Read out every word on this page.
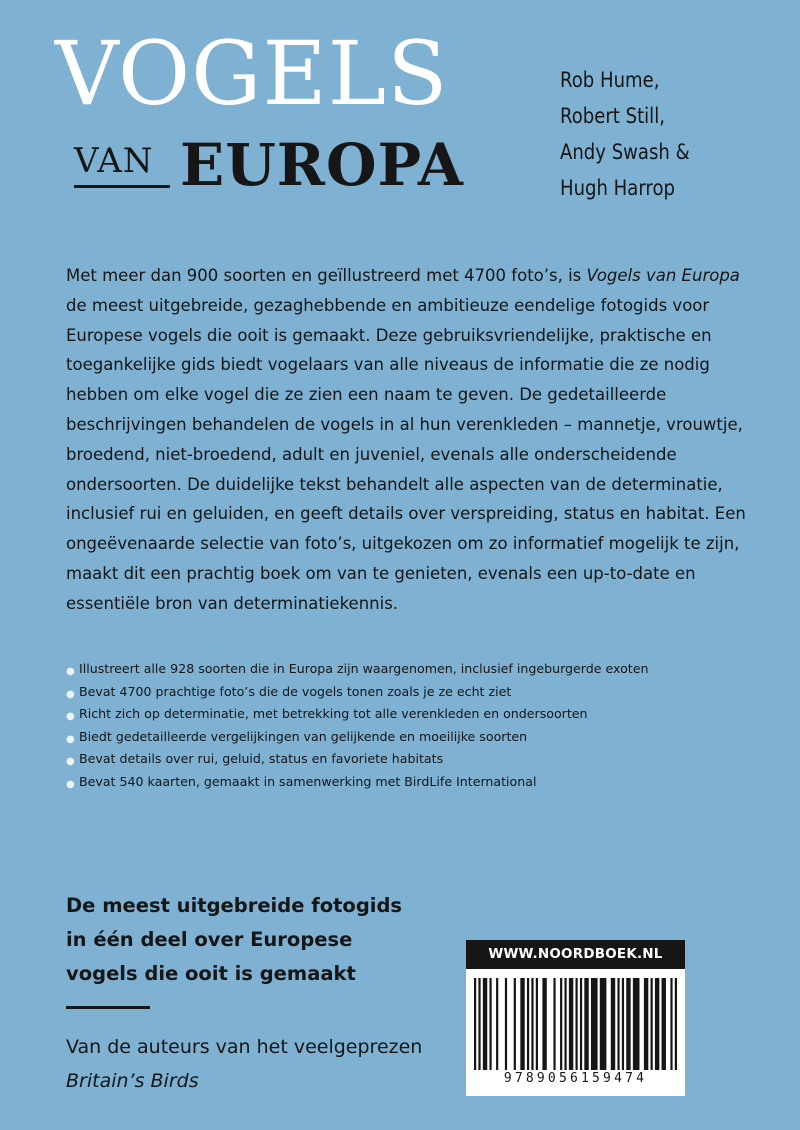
VOGELS
VAN EUROPA
Rob Hume,
Robert Still,
Andy Swash &
Hugh Harrop

Met meer dan 900 soorten en geïllustreerd met 4700 foto’s, is Vogels van Europa de meest uitgebreide, gezaghebbende en ambitieuze eendelige fotogids voor Europese vogels die ooit is gemaakt. Deze gebruiksvriendelijke, praktische en toegankelijke gids biedt vogelaars van alle niveaus de informatie die ze nodig hebben om elke vogel die ze zien een naam te geven. De gedetailleerde beschrijvingen behandelen de vogels in al hun verenkleden – mannetje, vrouwtje, broedend, niet-broedend, adult en juveniel, evenals alle onderscheidende ondersoorten. De duidelijke tekst behandelt alle aspecten van de determinatie, inclusief rui en geluiden, en geeft details over verspreiding, status en habitat. Een ongeëvenaarde selectie van foto’s, uitgekozen om zo informatief mogelijk te zijn, maakt dit een prachtig boek om van te genieten, evenals een up-to-date en essentiële bron van determinatiekennis.

● Illustreert alle 928 soorten die in Europa zijn waargenomen, inclusief ingeburgerde exoten
● Bevat 4700 prachtige foto’s die de vogels tonen zoals je ze echt ziet
● Richt zich op determinatie, met betrekking tot alle verenkleden en ondersoorten
● Biedt gedetailleerde vergelijkingen van gelijkende en moeilijke soorten
● Bevat details over rui, geluid, status en favoriete habitats
● Bevat 540 kaarten, gemaakt in samenwerking met BirdLife International

De meest uitgebreide fotogids in één deel over Europese vogels die ooit is gemaakt

Van de auteurs van het veelgeprezen Britain’s Birds

WWW.NOORDBOEK.NL
9789056159474
